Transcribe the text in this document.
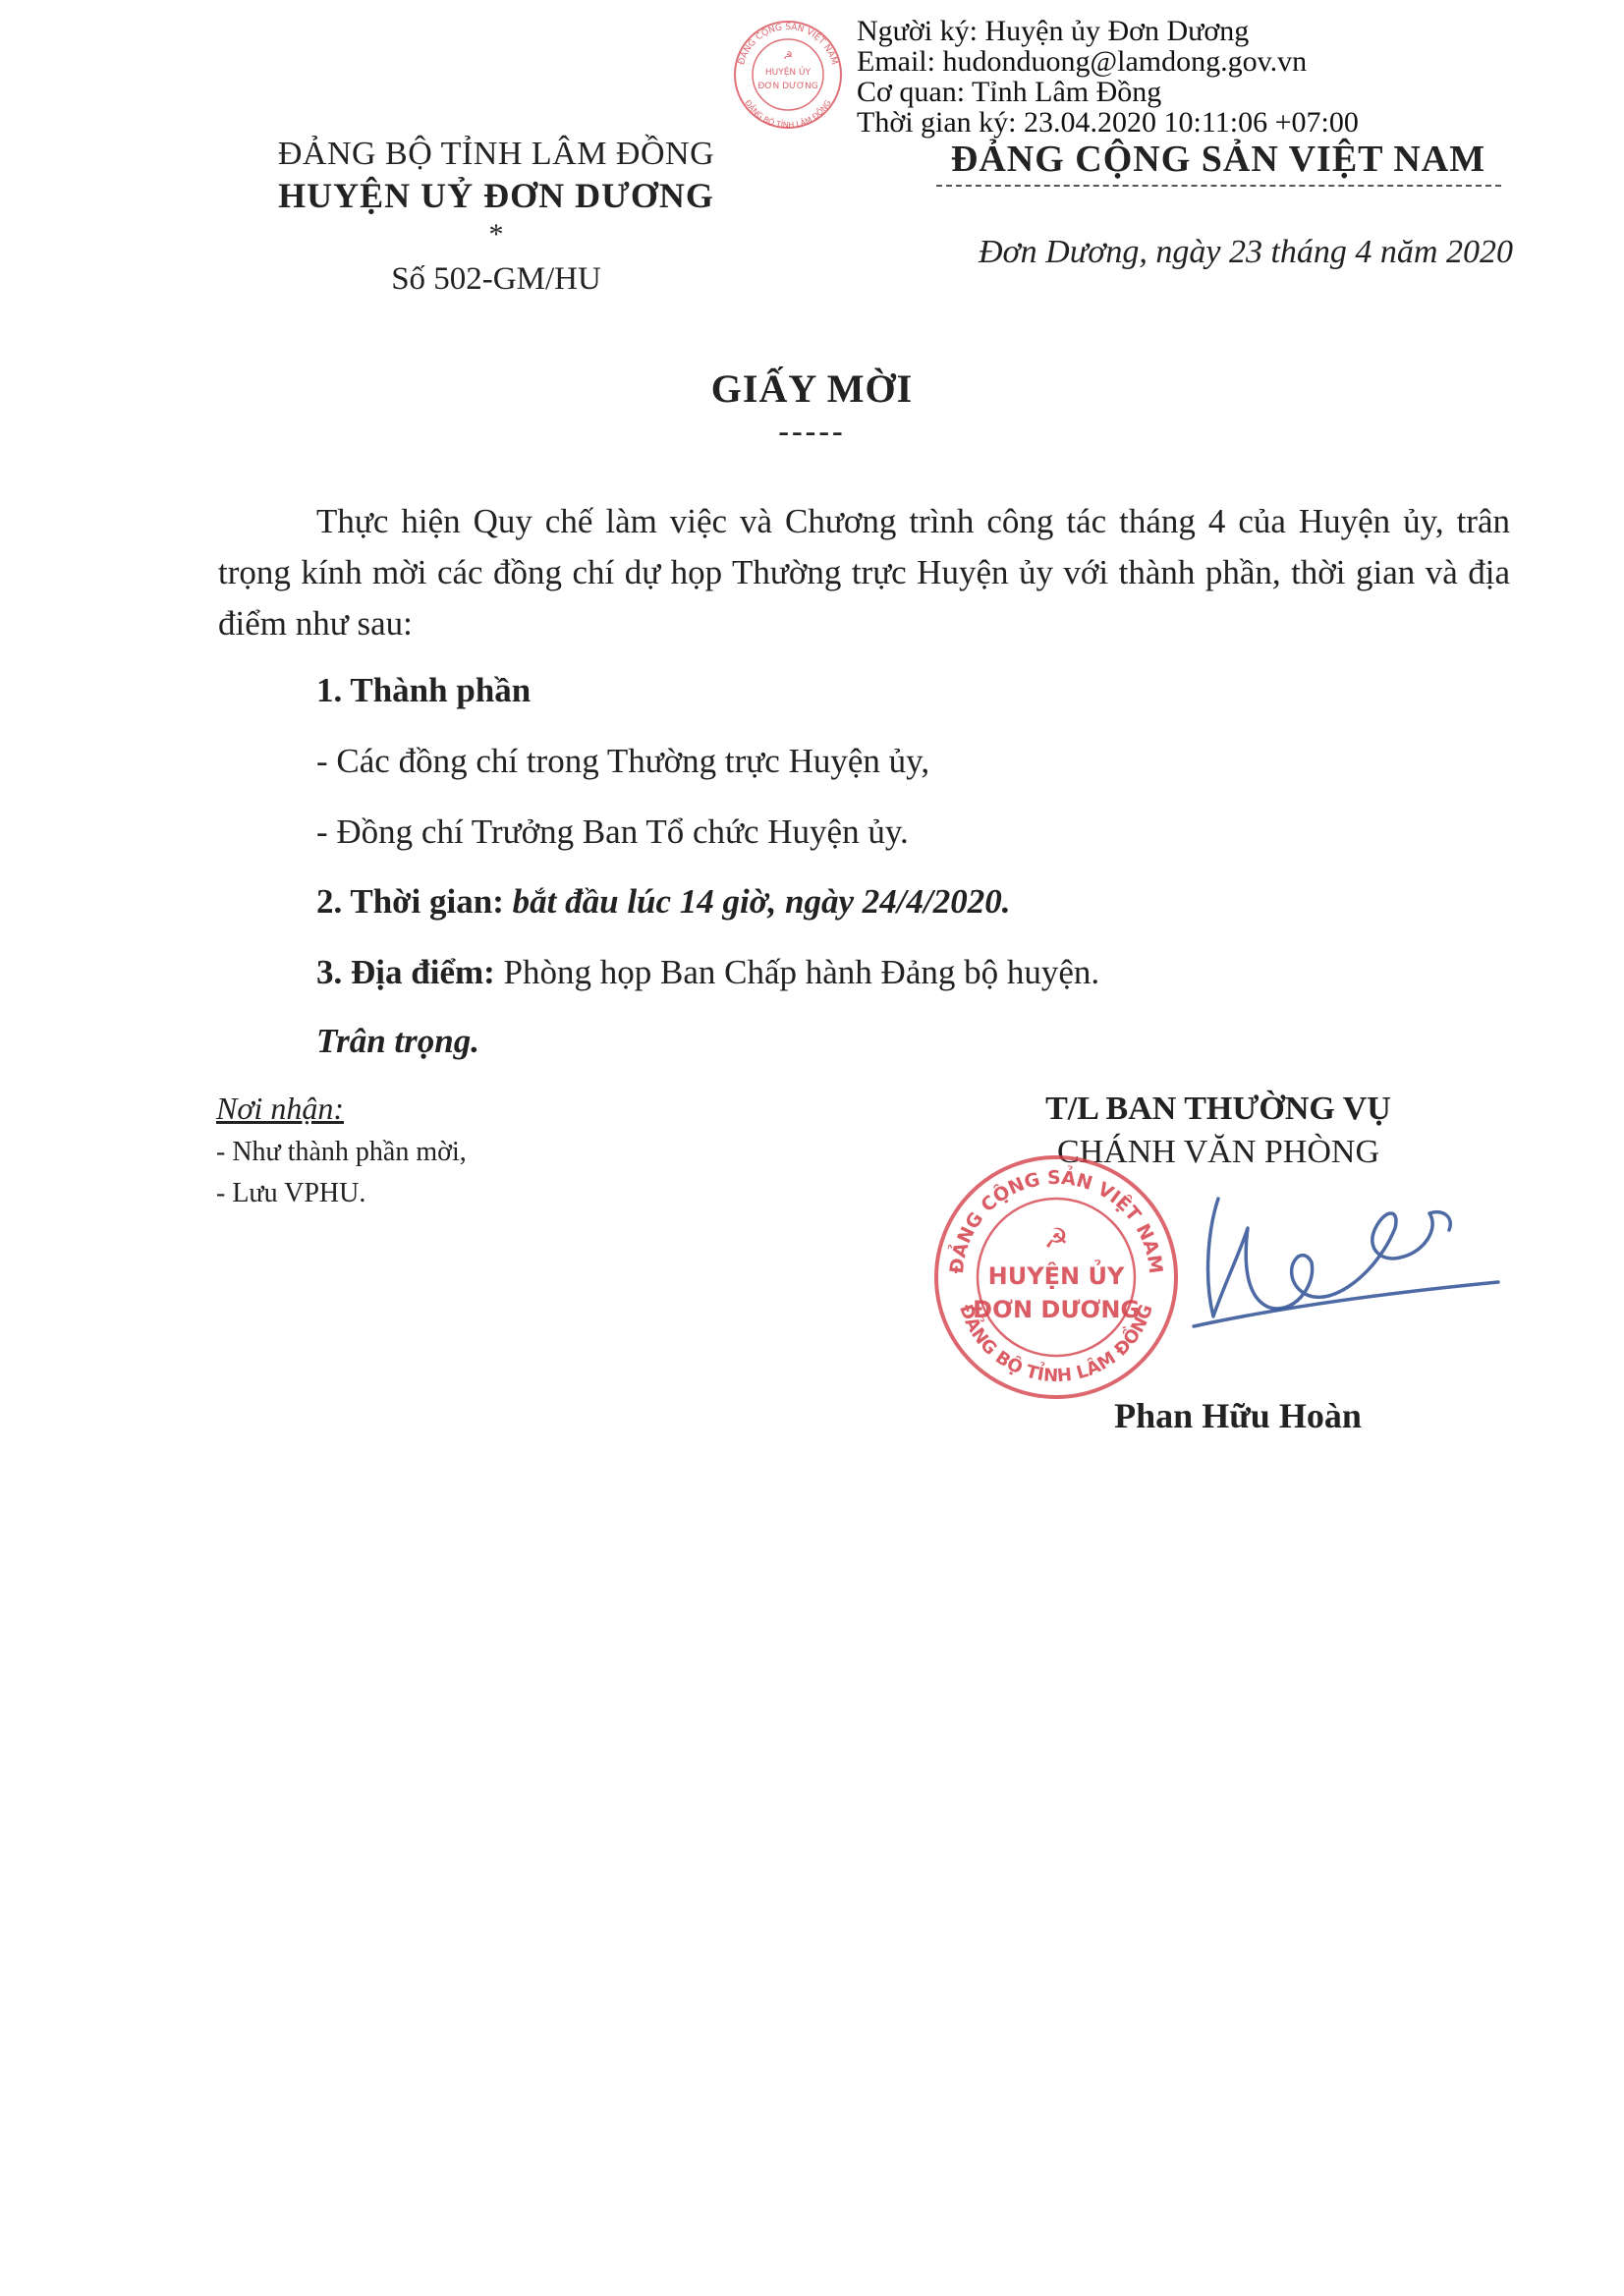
Người ký: Huyện ủy Đơn Dương
Email: hudonduong@lamdong.gov.vn
Cơ quan: Tỉnh Lâm Đồng
Thời gian ký: 23.04.2020 10:11:06 +07:00
ĐẢNG CỘNG SẢN VIỆT NAM
ĐẢNG BỘ TỈNH LÂM ĐỒNG
☭
HUYỆN ỦY
ĐƠN DƯƠNG
ĐẢNG BỘ TỈNH LÂM ĐỒNG
HUYỆN UỶ ĐƠN DƯƠNG
*
Số 502-GM/HU
ĐẢNG CỘNG SẢN VIỆT NAM
Đơn Dương, ngày 23 tháng 4 năm 2020
GIẤY MỜI
-----
Thực hiện Quy chế làm việc và Chương trình công tác tháng 4 của Huyện ủy, trân trọng kính mời các đồng chí dự họp Thường trực Huyện ủy với thành phần, thời gian và địa điểm như sau:
1. Thành phần
- Các đồng chí trong Thường trực Huyện ủy,
- Đồng chí Trưởng Ban Tổ chức Huyện ủy.
2. Thời gian: bắt đầu lúc 14 giờ, ngày 24/4/2020.
3. Địa điểm: Phòng họp Ban Chấp hành Đảng bộ huyện.
Trân trọng.
Nơi nhận:
- Như thành phần mời,
- Lưu VPHU.
T/L BAN THƯỜNG VỤ
CHÁNH VĂN PHÒNG
ĐẢNG CỘNG SẢN VIỆT NAM
ĐẢNG BỘ TỈNH LÂM ĐỒNG
☭
HUYỆN ỦY
ĐƠN DƯƠNG
Phan Hữu Hoàn
